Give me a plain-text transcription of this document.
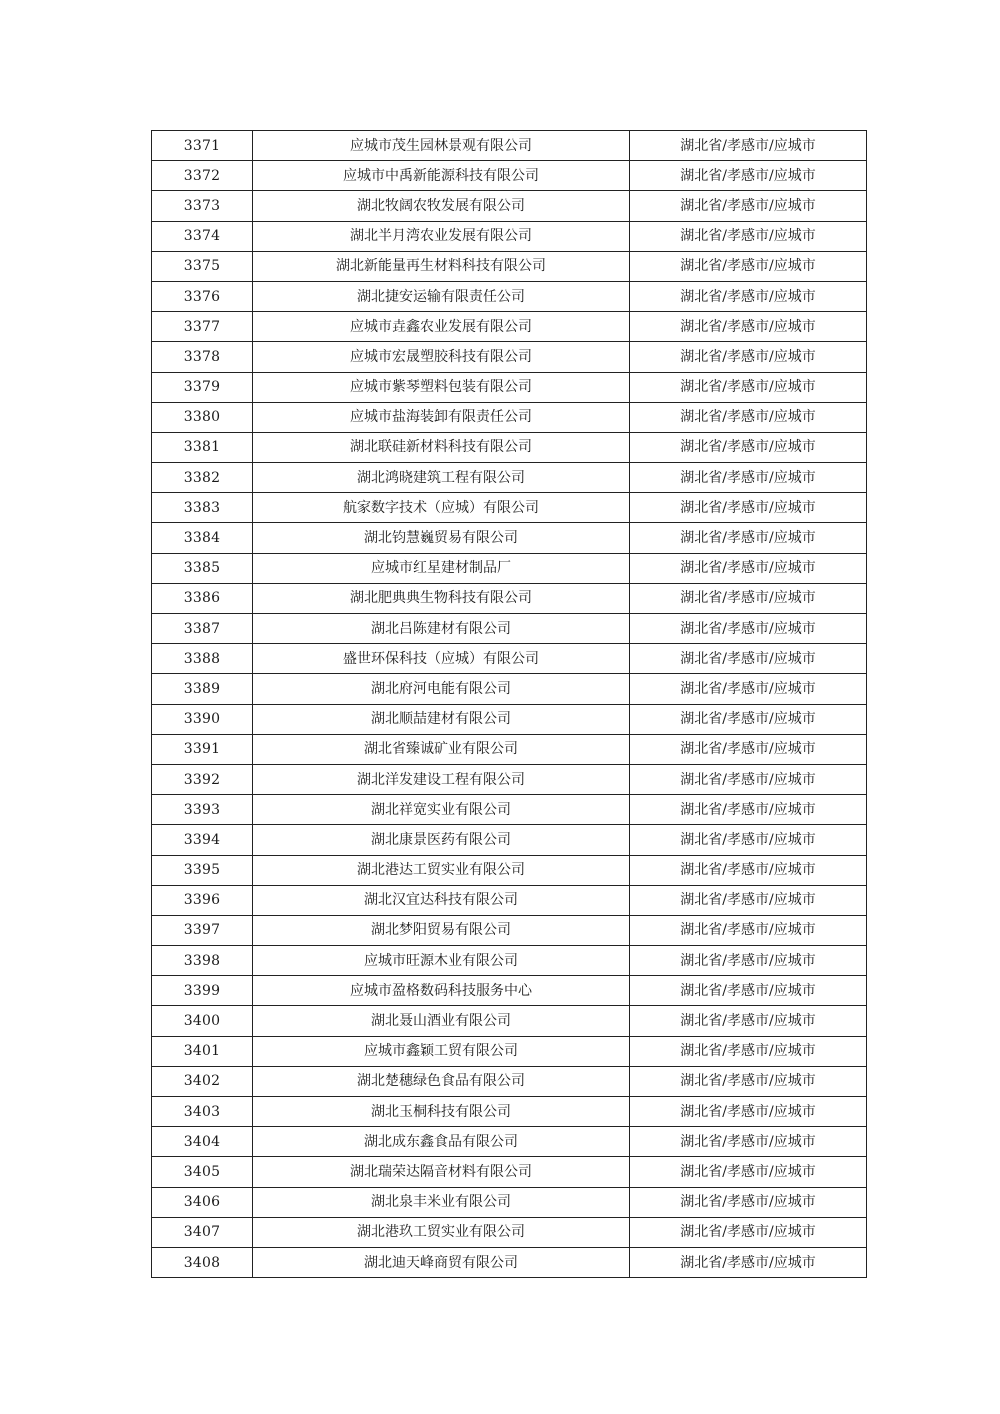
3371	应城市茂生园林景观有限公司	湖北省/孝感市/应城市
3372	应城市中禹新能源科技有限公司	湖北省/孝感市/应城市
3373	湖北牧阔农牧发展有限公司	湖北省/孝感市/应城市
3374	湖北半月湾农业发展有限公司	湖北省/孝感市/应城市
3375	湖北新能量再生材料科技有限公司	湖北省/孝感市/应城市
3376	湖北捷安运输有限责任公司	湖北省/孝感市/应城市
3377	应城市垚鑫农业发展有限公司	湖北省/孝感市/应城市
3378	应城市宏晟塑胶科技有限公司	湖北省/孝感市/应城市
3379	应城市紫琴塑料包装有限公司	湖北省/孝感市/应城市
3380	应城市盐海装卸有限责任公司	湖北省/孝感市/应城市
3381	湖北联硅新材料科技有限公司	湖北省/孝感市/应城市
3382	湖北鸿晓建筑工程有限公司	湖北省/孝感市/应城市
3383	航家数字技术（应城）有限公司	湖北省/孝感市/应城市
3384	湖北钧慧巍贸易有限公司	湖北省/孝感市/应城市
3385	应城市红星建材制品厂	湖北省/孝感市/应城市
3386	湖北肥典典生物科技有限公司	湖北省/孝感市/应城市
3387	湖北吕陈建材有限公司	湖北省/孝感市/应城市
3388	盛世环保科技（应城）有限公司	湖北省/孝感市/应城市
3389	湖北府河电能有限公司	湖北省/孝感市/应城市
3390	湖北顺喆建材有限公司	湖北省/孝感市/应城市
3391	湖北省臻诚矿业有限公司	湖北省/孝感市/应城市
3392	湖北洋发建设工程有限公司	湖北省/孝感市/应城市
3393	湖北祥宽实业有限公司	湖北省/孝感市/应城市
3394	湖北康景医药有限公司	湖北省/孝感市/应城市
3395	湖北港达工贸实业有限公司	湖北省/孝感市/应城市
3396	湖北汉宜达科技有限公司	湖北省/孝感市/应城市
3397	湖北梦阳贸易有限公司	湖北省/孝感市/应城市
3398	应城市旺源木业有限公司	湖北省/孝感市/应城市
3399	应城市盈格数码科技服务中心	湖北省/孝感市/应城市
3400	湖北聂山酒业有限公司	湖北省/孝感市/应城市
3401	应城市鑫颖工贸有限公司	湖北省/孝感市/应城市
3402	湖北楚穗绿色食品有限公司	湖北省/孝感市/应城市
3403	湖北玉桐科技有限公司	湖北省/孝感市/应城市
3404	湖北成东鑫食品有限公司	湖北省/孝感市/应城市
3405	湖北瑞荣达隔音材料有限公司	湖北省/孝感市/应城市
3406	湖北泉丰米业有限公司	湖北省/孝感市/应城市
3407	湖北港玖工贸实业有限公司	湖北省/孝感市/应城市
3408	湖北迪天峰商贸有限公司	湖北省/孝感市/应城市
